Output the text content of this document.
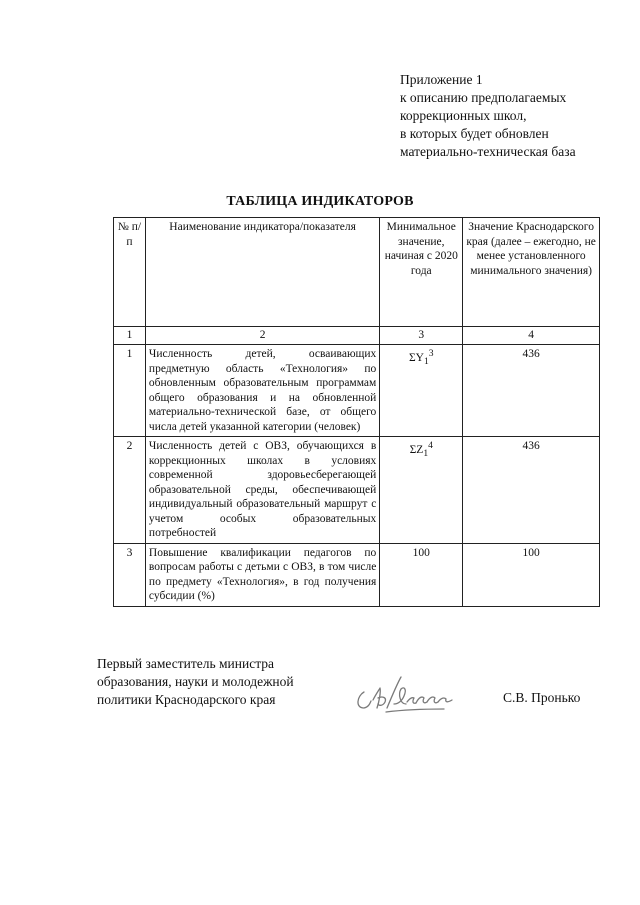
Приложение 1
к описанию предполагаемых
коррекционных школ,
в которых будет обновлен
материально-техническая база
ТАБЛИЦА ИНДИКАТОРОВ
№ п/п	Наименование индикатора/показателя	Минимальное значение, начиная с 2020 года	Значение Краснодарского края (далее – ежегодно, не менее установленного минимального значения)
1	2	3	4
1	Численность детей, осваивающих предметную область «Технология» по обновленным образовательным программам общего образования и на обновленной материально-технической базе, от общего числа детей указанной категории (человек)	$\Sigma Y_1^3$	436
2	Численность детей с ОВЗ, обучающихся в коррекционных школах в условиях современной здоровьесберегающей образовательной среды, обеспечивающей индивидуальный образовательный маршрут с учетом особых образовательных потребностей	$\Sigma Z_1^4$	436
3	Повышение квалификации педагогов по вопросам работы с детьми с ОВЗ, в том числе по предмету «Технология», в год получения субсидии (%)	100	100
Первый заместитель министра
образования, науки и молодежной
политики Краснодарского края	С.В. Пронько
